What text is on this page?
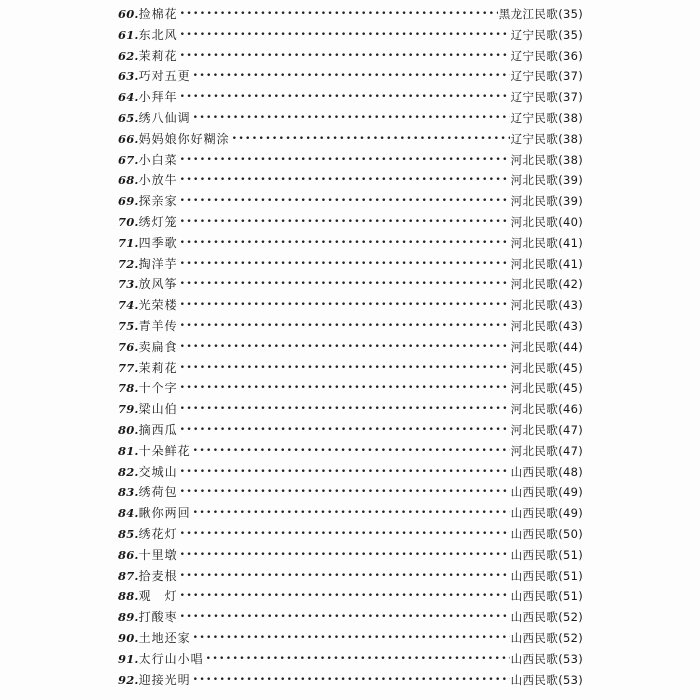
60. 捡棉花 •••••	黑龙江民歌 (35)
61. 东北风 •••••	辽宁民歌 (35)
62. 茉莉花 •••••	辽宁民歌 (36)
63. 巧对五更 •••••	辽宁民歌 (37)
64. 小拜年 •••••	辽宁民歌 (37)
65. 绣八仙调 •••••	辽宁民歌 (38)
66. 妈妈娘你好糊涂 •••••	辽宁民歌 (38)
67. 小白菜 •••••	河北民歌 (38)
68. 小放牛 •••••	河北民歌 (39)
69. 探亲家 •••••	河北民歌 (39)
70. 绣灯笼 •••••	河北民歌 (40)
71. 四季歌 •••••	河北民歌 (41)
72. 掏洋芋 •••••	河北民歌 (41)
73. 放风筝 •••••	河北民歌 (42)
74. 光荣楼 •••••	河北民歌 (43)
75. 青羊传 •••••	河北民歌 (43)
76. 卖扁食 •••••	河北民歌 (44)
77. 茉莉花 •••••	河北民歌 (45)
78. 十个字 •••••	河北民歌 (45)
79. 梁山伯 •••••	河北民歌 (46)
80. 摘西瓜 •••••	河北民歌 (47)
81. 十朵鲜花 •••••	河北民歌 (47)
82. 交城山 •••••	山西民歌 (48)
83. 绣荷包 •••••	山西民歌 (49)
84. 瞅你两回 •••••	山西民歌 (49)
85. 绣花灯 •••••	山西民歌 (50)
86. 十里墩 •••••	山西民歌 (51)
87. 拾麦根 •••••	山西民歌 (51)
88. 观　灯 •••••	山西民歌 (51)
89. 打酸枣 •••••	山西民歌 (52)
90. 土地还家 •••••	山西民歌 (52)
91. 太行山小唱 •••••	山西民歌 (53)
92. 迎接光明 •••••	山西民歌 (53)
